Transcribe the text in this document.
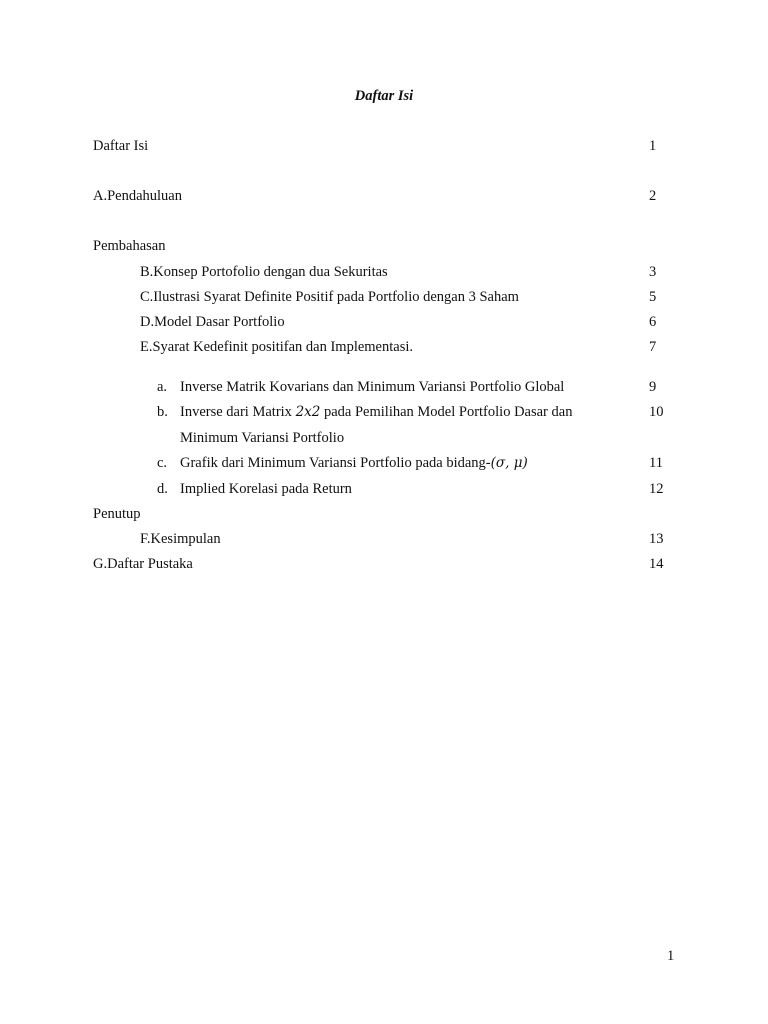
Daftar Isi
Daftar Isi	1
A.Pendahuluan	2
Pembahasan
B.Konsep Portofolio dengan dua Sekuritas	3
C.Ilustrasi Syarat Definite Positif pada Portfolio dengan 3 Saham	5
D.Model Dasar Portfolio	6
E.Syarat Kedefinit positifan dan Implementasi.	7
a. Inverse Matrik Kovarians dan Minimum Variansi Portfolio Global	9
b. Inverse dari Matrix 2x2 pada Pemilihan Model Portfolio Dasar dan	10
Minimum Variansi Portfolio
c. Grafik dari Minimum Variansi Portfolio pada bidang-(σ, μ)	11
d. Implied Korelasi pada Return	12
Penutup
F.Kesimpulan	13
G.Daftar Pustaka	14
1
